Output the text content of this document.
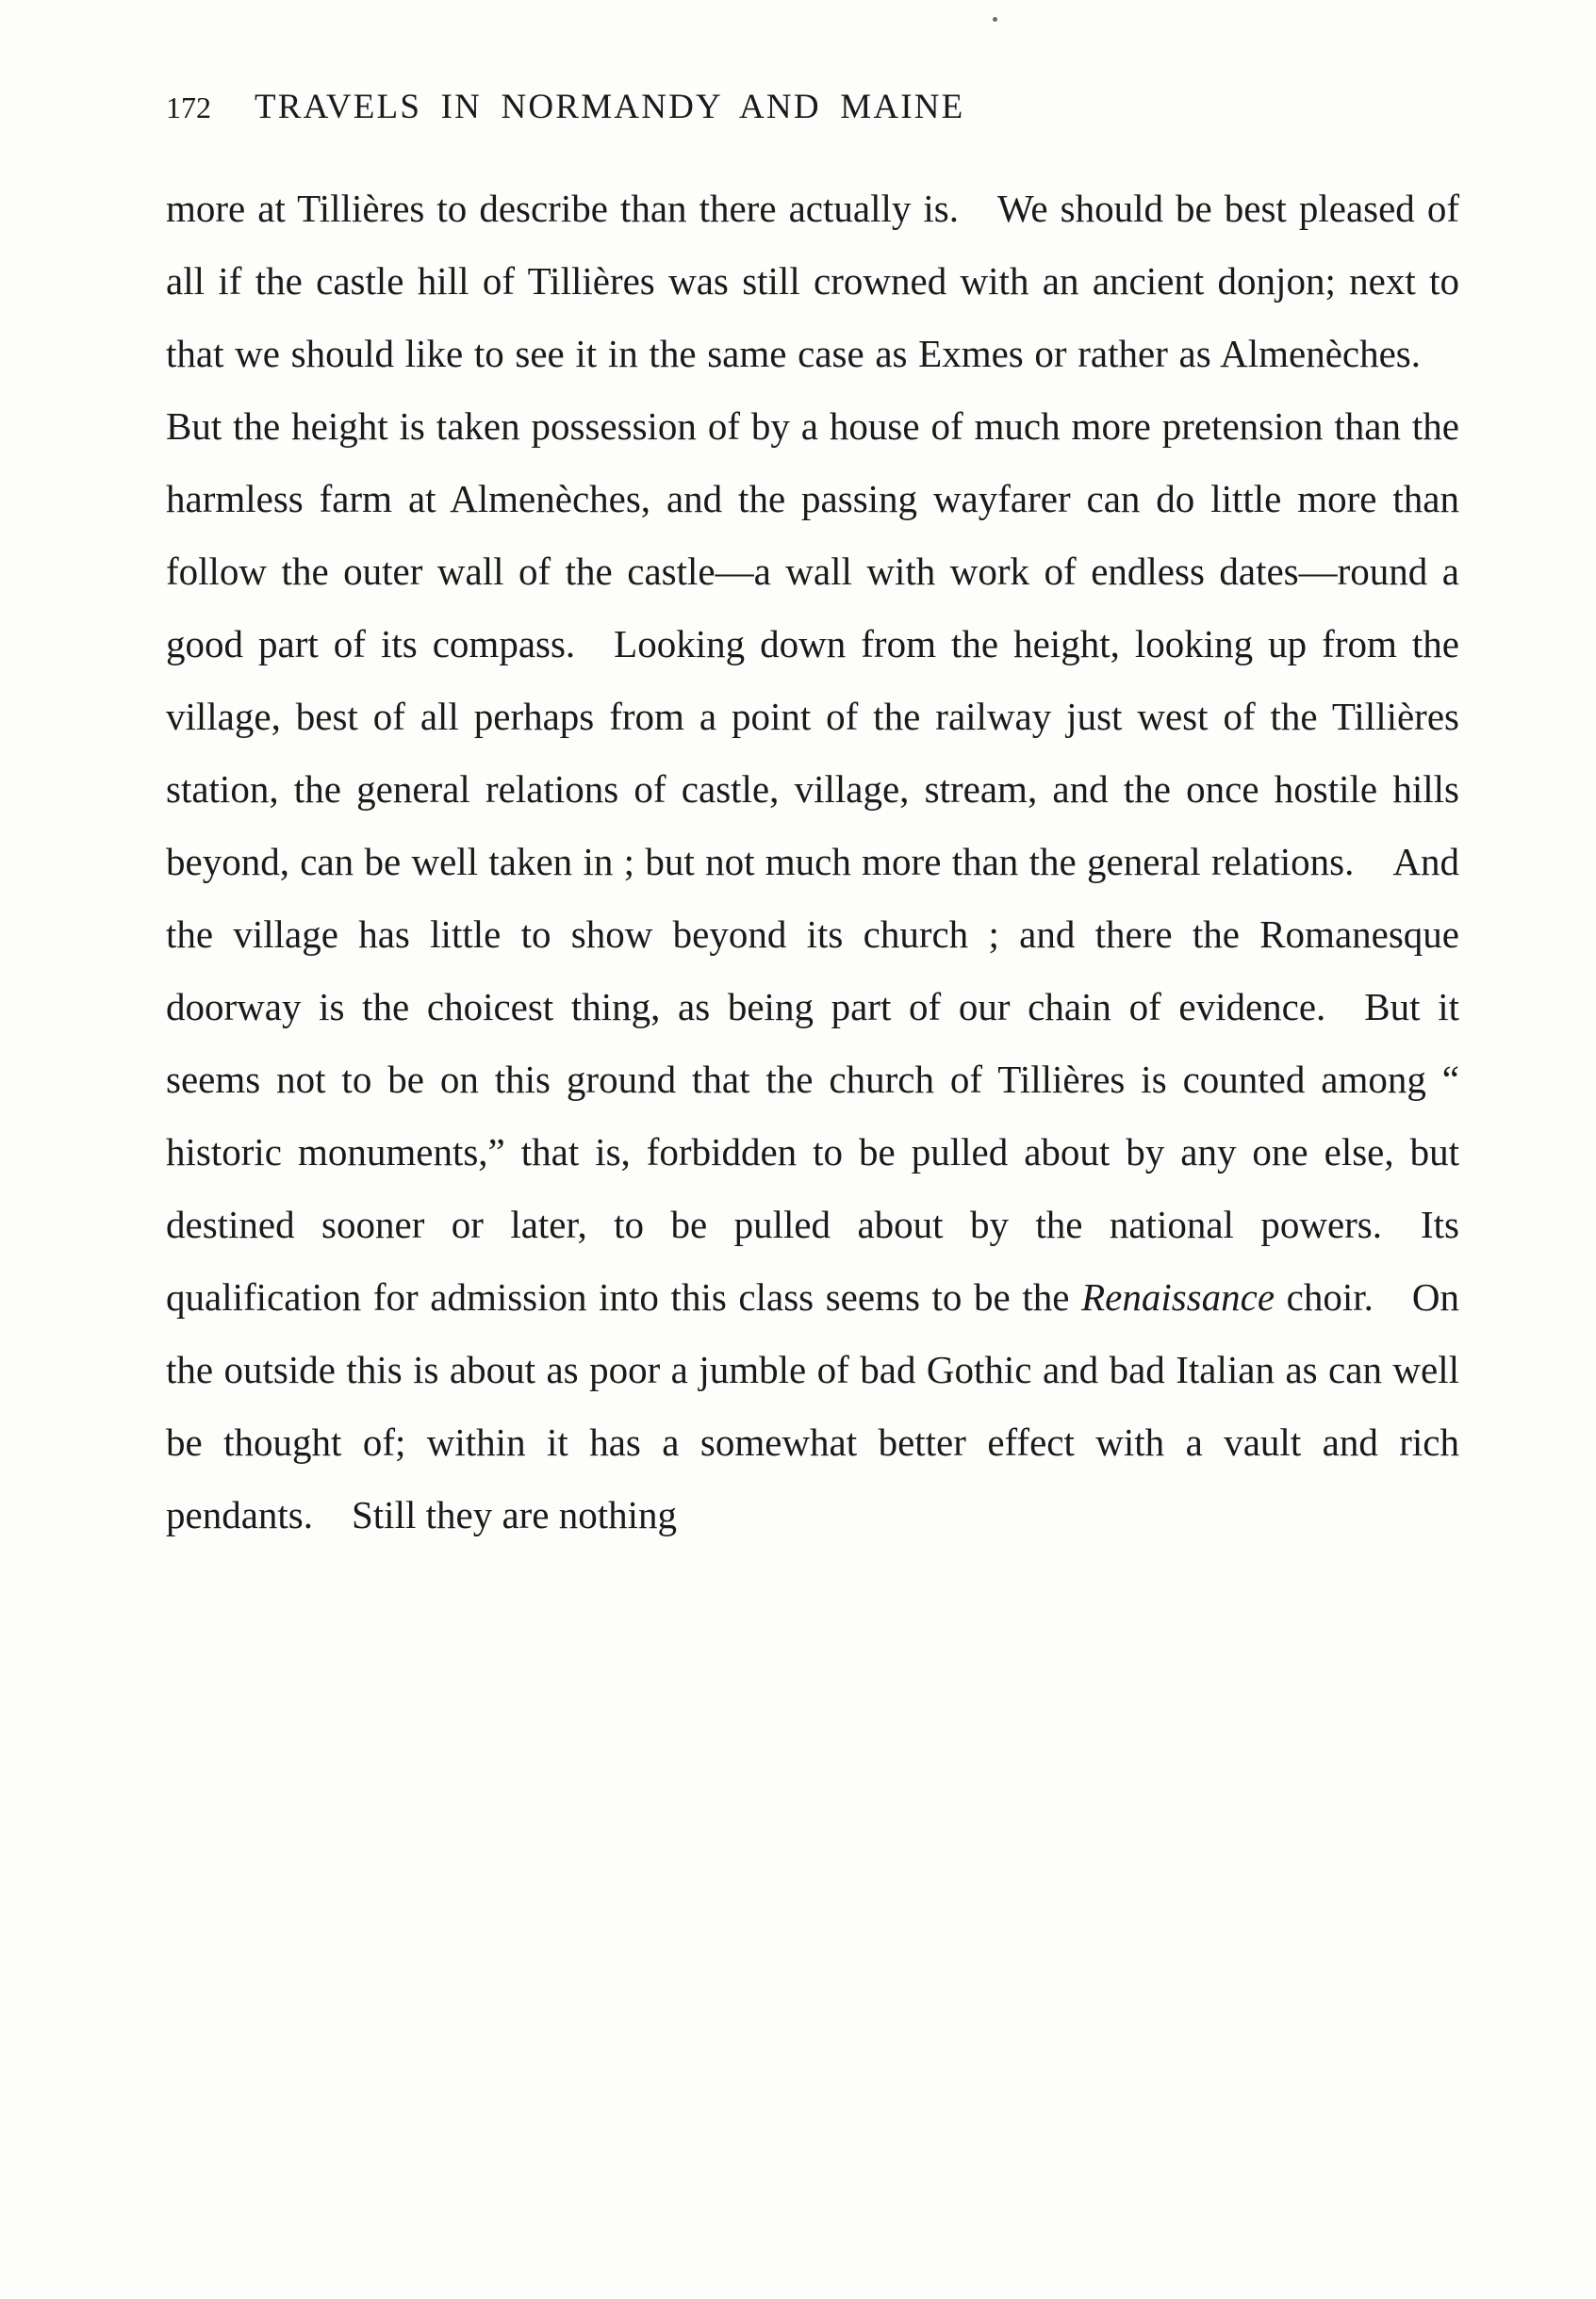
172 TRAVELS IN NORMANDY AND MAINE

more at Tillières to describe than there actually is. We should be best pleased of all if the castle hill of Tillières was still crowned with an ancient donjon; next to that we should like to see it in the same case as Exmes or rather as Almenèches. But the height is taken possession of by a house of much more pretension than the harmless farm at Almenèches, and the passing wayfarer can do little more than follow the outer wall of the castle—a wall with work of endless dates—round a good part of its compass. Looking down from the height, looking up from the village, best of all perhaps from a point of the railway just west of the Tillières station, the general relations of castle, village, stream, and the once hostile hills beyond, can be well taken in ; but not much more than the general relations. And the village has little to show beyond its church ; and there the Romanesque doorway is the choicest thing, as being part of our chain of evidence. But it seems not to be on this ground that the church of Tillières is counted among “ historic monuments,” that is, forbidden to be pulled about by any one else, but destined sooner or later, to be pulled about by the national powers. Its qualification for admission into this class seems to be the Renaissance choir. On the outside this is about as poor a jumble of bad Gothic and bad Italian as can well be thought of; within it has a somewhat better effect with a vault and rich pendants. Still they are nothing
